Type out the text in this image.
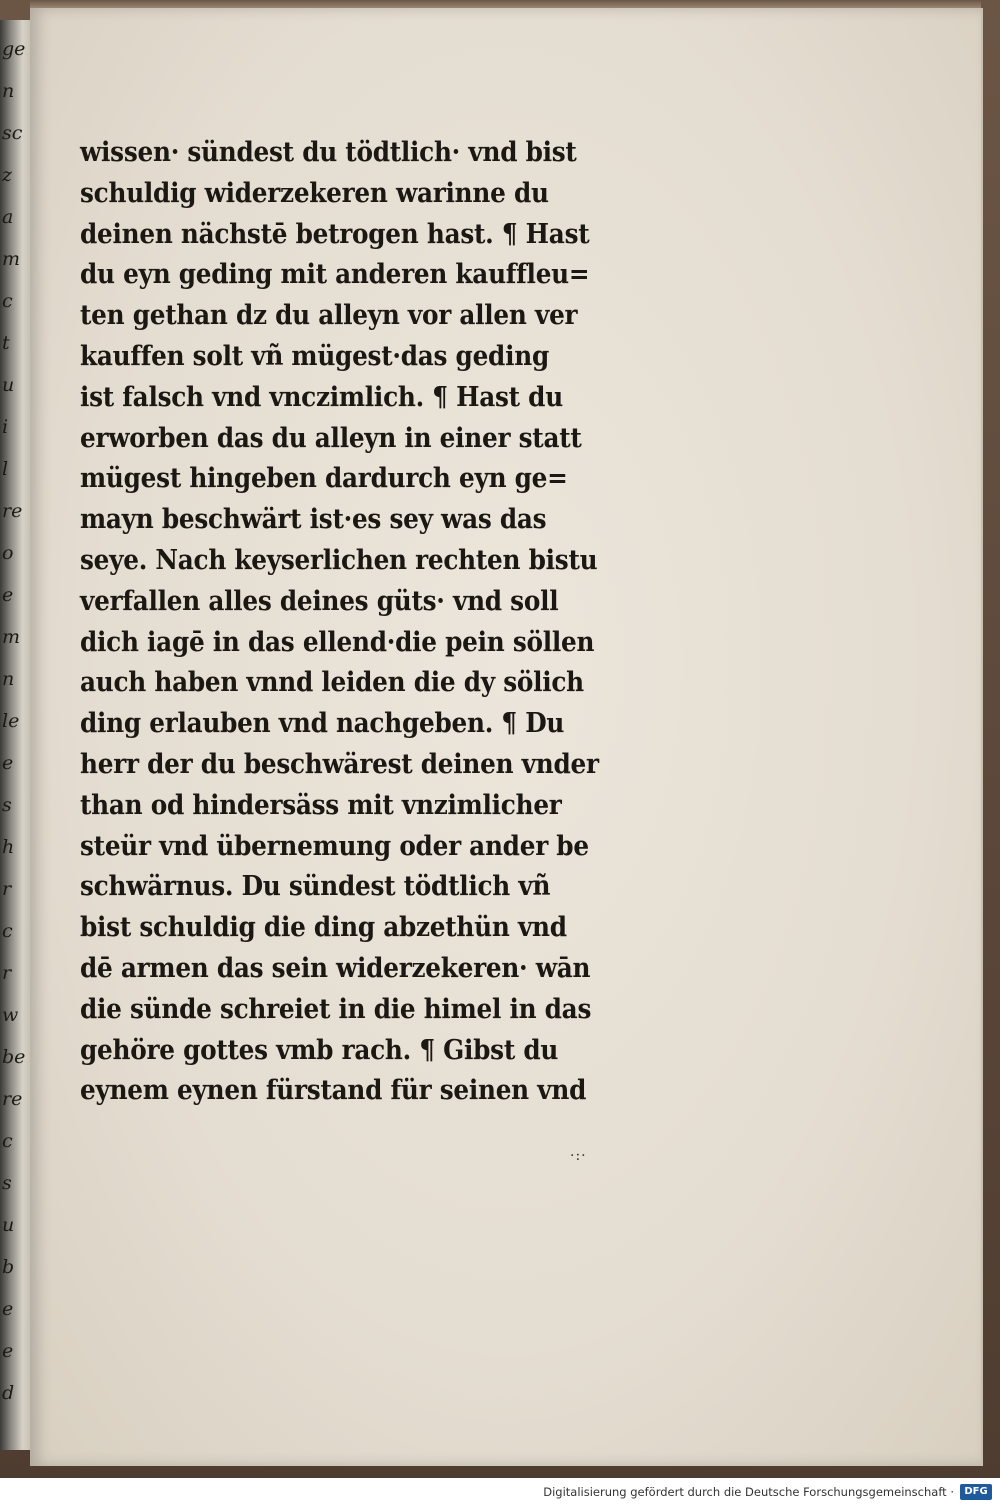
ge
n
sc
z
a
m
c
t
u
i
l
re
o
e
m
n
le
e
s
h
r
c
r
w
be
re
c
s
u
b
e
e
d
wissen· sündest du tödtlich· vnd bist
schuldig widerzekeren warinne du
deinen nächstē betrogen hast. ¶ Hast
du eyn geding mit anderen kauffleu=
ten gethan dz du alleyn vor allen ver
kauffen solt vñ mügest·das geding
ist falsch vnd vnczimlich. ¶ Hast du
erworben das du alleyn in einer statt
mügest hingeben dardurch eyn ge=
mayn beschwärt ist·es sey was das
seye. Nach keyserlichen rechten bistu
verfallen alles deines güts· vnd soll
dich iagē in das ellend·die pein söllen
auch haben vnnd leiden die dy sölich
ding erlauben vnd nachgeben. ¶ Du
herr der du beschwärest deinen vnder
than od hindersäss mit vnzimlicher
steür vnd übernemung oder ander be
schwärnus. Du sündest tödtlich vñ
bist schuldig die ding abzethün vnd
dē armen das sein widerzekeren· wān
die sünde schreiet in die himel in das
gehöre gottes vmb rach. ¶ Gibst du
eynem eynen fürstand für seinen vnd
·:·
Digitalisierung gefördert durch die Deutsche Forschungsgemeinschaft ·	DFG
